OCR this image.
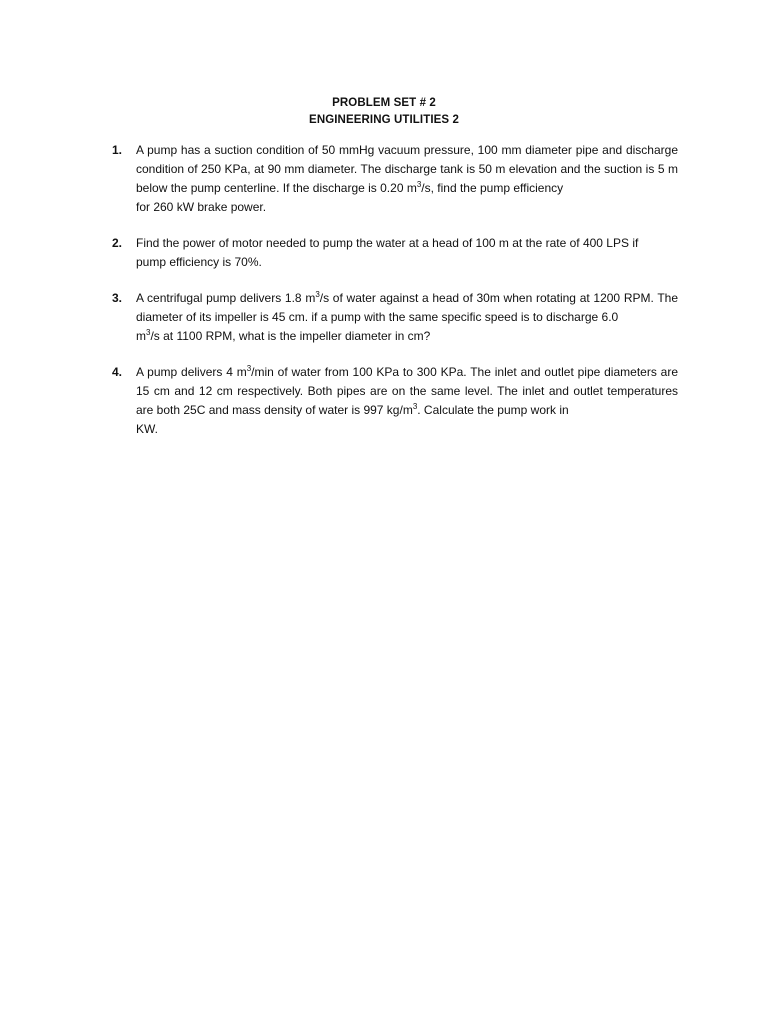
PROBLEM SET # 2
ENGINEERING UTILITIES 2
1. A pump has a suction condition of 50 mmHg vacuum pressure, 100 mm diameter pipe and discharge condition of 250 KPa, at 90 mm diameter. The discharge tank is 50 m elevation and the suction is 5 m below the pump centerline. If the discharge is 0.20 $m^3/s$, find the pump efficiency
for 260 kW brake power.
2. Find the power of motor needed to pump the water at a head of 100 m at the rate of 400 LPS if
pump efficiency is 70%.
3. A centrifugal pump delivers 1.8 $m^3/s$ of water against a head of 30m when rotating at 1200 RPM. The diameter of its impeller is 45 cm. if a pump with the same specific speed is to discharge 6.0
$m^3/s$ at 1100 RPM, what is the impeller diameter in cm?
4. A pump delivers 4 $m^3/\min$ of water from 100 KPa to 300 KPa. The inlet and outlet pipe diameters are 15 cm and 12 cm respectively. Both pipes are on the same level. The inlet and outlet temperatures are both 25C and mass density of water is 997 $kg/m^3$. Calculate the pump work in
KW.
